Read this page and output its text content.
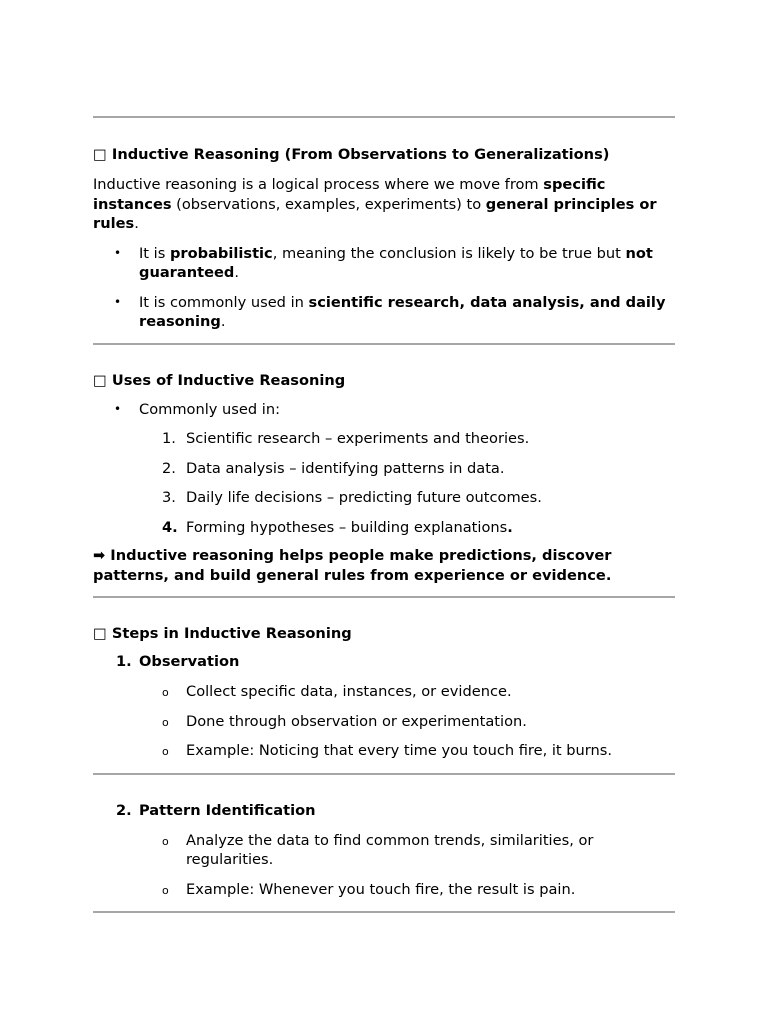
□ Inductive Reasoning (From Observations to Generalizations)

Inductive reasoning is a logical process where we move from specific instances (observations, examples, experiments) to general principles or rules.

• It is probabilistic, meaning the conclusion is likely to be true but not guaranteed.
• It is commonly used in scientific research, data analysis, and daily reasoning.

□ Uses of Inductive Reasoning

• Commonly used in:
1. Scientific research – experiments and theories.
2. Data analysis – identifying patterns in data.
3. Daily life decisions – predicting future outcomes.
4. Forming hypotheses – building explanations.

➡ Inductive reasoning helps people make predictions, discover patterns, and build general rules from experience or evidence.

□ Steps in Inductive Reasoning

1. Observation
o Collect specific data, instances, or evidence.
o Done through observation or experimentation.
o Example: Noticing that every time you touch fire, it burns.
2. Pattern Identification
o Analyze the data to find common trends, similarities, or regularities.
o Example: Whenever you touch fire, the result is pain.
